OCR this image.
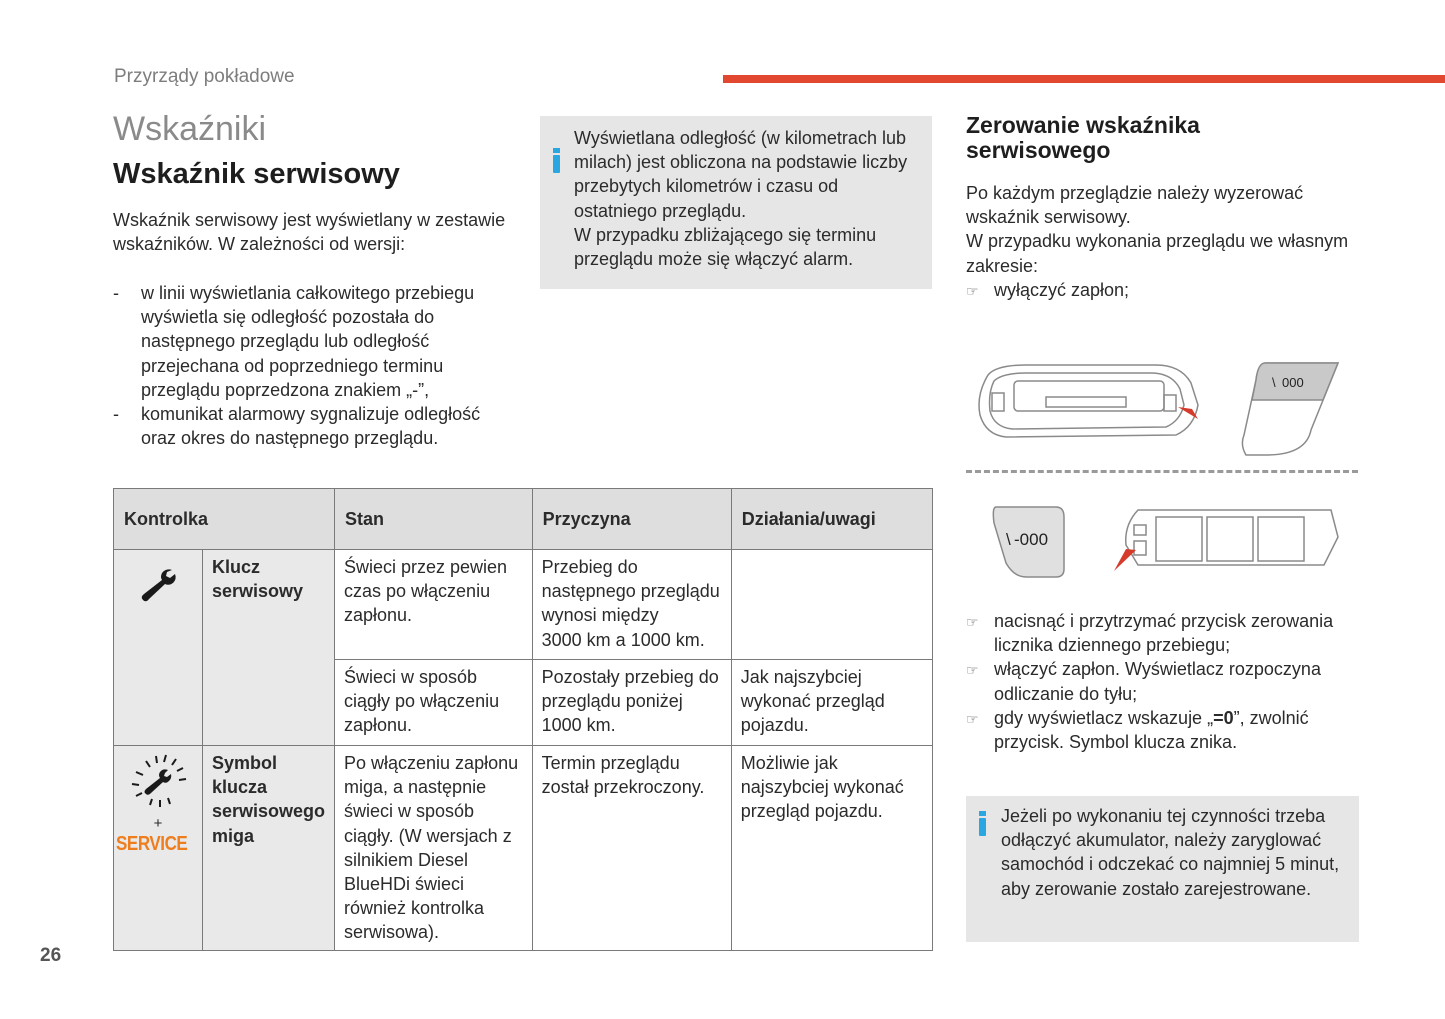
Przyrządy pokładowe
Wskaźniki
Wskaźnik serwisowy
Wskaźnik serwisowy jest wyświetlany w zestawie wskaźników. W zależności od wersji:
- w linii wyświetlania całkowitego przebiegu wyświetla się odległość pozostała do następnego przeglądu lub odległość przejechana od poprzedniego terminu przeglądu poprzedzona znakiem „-”,
- komunikat alarmowy sygnalizuje odległość oraz okres do następnego przeglądu.
Wyświetlana odległość (w kilometrach lub milach) jest obliczona na podstawie liczby przebytych kilometrów i czasu od ostatniego przeglądu.
W przypadku zbliżającego się terminu przeglądu może się włączyć alarm.
Zerowanie wskaźnika serwisowego
Po każdym przeglądzie należy wyzerować wskaźnik serwisowy.
W przypadku wykonania przeglądu we własnym zakresie:
☞ wyłączyć zapłon;
000
\
-000
\
☞ nacisnąć i przytrzymać przycisk zerowania licznika dziennego przebiegu;
☞ włączyć zapłon. Wyświetlacz rozpoczyna odliczanie do tyłu;
☞ gdy wyświetlacz wskazuje „=0”, zwolnić przycisk. Symbol klucza znika.
Jeżeli po wykonaniu tej czynności trzeba odłączyć akumulator, należy zaryglować samochód i odczekać co najmniej 5 minut, aby zerowanie zostało zarejestrowane.
Kontrolka		Stan	Przyczyna	Działania/uwagi
	Klucz serwisowy	Świeci przez pewien czas po włączeniu zapłonu.	Przebieg do następnego przeglądu wynosi między
3000 km a 1000 km.	
		Świeci w sposób ciągły po włączeniu zapłonu.	Pozostały przebieg do przeglądu poniżej 1000 km.	Jak najszybciej wykonać przegląd pojazdu.

+
SERVICE	Symbol klucza serwisowego miga	Po włączeniu zapłonu miga, a następnie świeci w sposób ciągły. (W wersjach z silnikiem Diesel BlueHDi świeci również kontrolka serwisowa).	Termin przeglądu został przekroczony.	Możliwie jak najszybciej wykonać przegląd pojazdu.
26
